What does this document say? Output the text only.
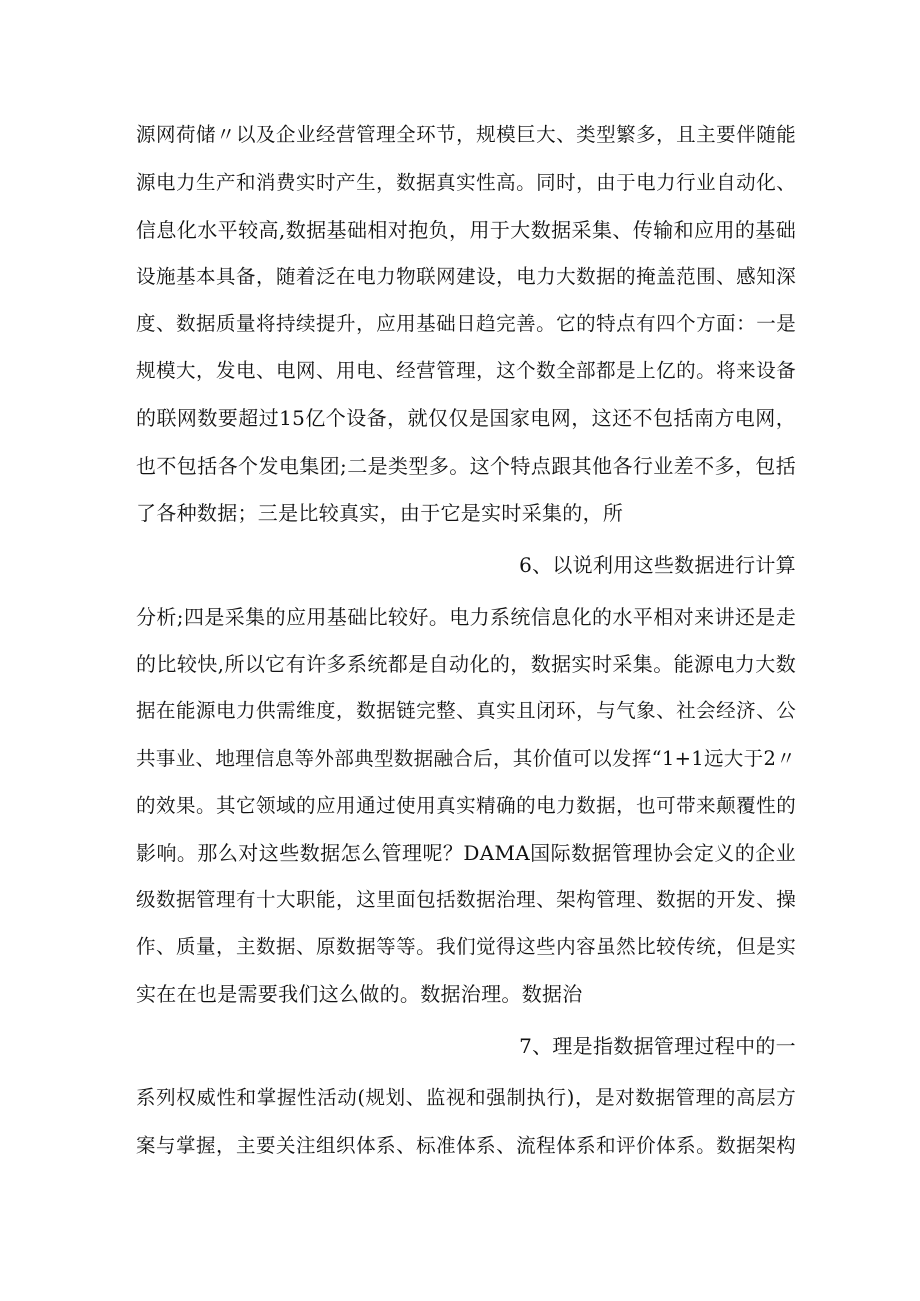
源网荷储〃以及企业经营管理全环节，规模巨大、类型繁多，且主要伴随能
源电力生产和消费实时产生，数据真实性高。同时，由于电力行业自动化、
信息化水平较高,数据基础相对抱负，用于大数据采集、传输和应用的基础
设施基本具备，随着泛在电力物联网建设，电力大数据的掩盖范围、感知深
度、数据质量将持续提升，应用基础日趋完善。它的特点有四个方面：一是
规模大，发电、电网、用电、经营管理，这个数全部都是上亿的。将来设备
的联网数要超过15亿个设备，就仅仅是国家电网，这还不包括南方电网，
也不包括各个发电集团;二是类型多。这个特点跟其他各行业差不多，包括
了各种数据；三是比较真实，由于它是实时采集的，所
6、以说利用这些数据进行计算
分析;四是采集的应用基础比较好。电力系统信息化的水平相对来讲还是走
的比较快,所以它有许多系统都是自动化的，数据实时采集。能源电力大数
据在能源电力供需维度，数据链完整、真实且闭环，与气象、社会经济、公
共事业、地理信息等外部典型数据融合后，其价值可以发挥“1+1远大于2〃
的效果。其它领域的应用通过使用真实精确的电力数据，也可带来颠覆性的
影响。那么对这些数据怎么管理呢？DAMA国际数据管理协会定义的企业
级数据管理有十大职能，这里面包括数据治理、架构管理、数据的开发、操
作、质量，主数据、原数据等等。我们觉得这些内容虽然比较传统，但是实
实在在也是需要我们这么做的。数据治理。数据治
7、理是指数据管理过程中的一
系列权威性和掌握性活动(规划、监视和强制执行)，是对数据管理的高层方
案与掌握，主要关注组织体系、标准体系、流程体系和评价体系。数据架构
